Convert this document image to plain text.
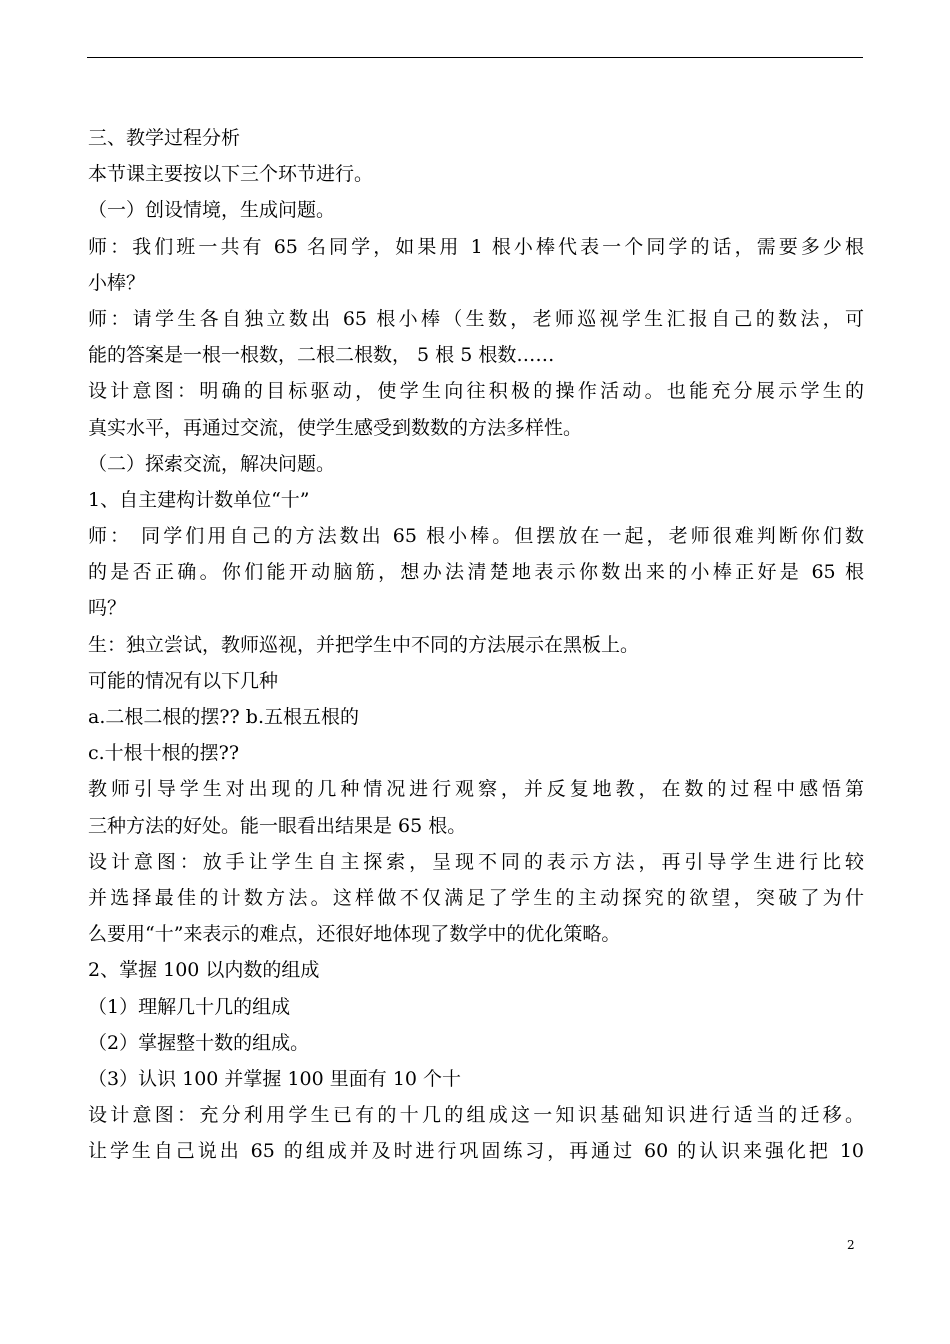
三、教学过程分析
本节课主要按以下三个环节进行。
（一）创设情境，生成问题。
师：我们班一共有 65 名同学，如果用 1 根小棒代表一个同学的话，需要多少根
小棒？
师：请学生各自独立数出 65 根小棒（生数，老师巡视学生汇报自己的数法，可
能的答案是一根一根数，二根二根数， 5 根 5 根数……
设计意图：明确的目标驱动，使学生向往积极的操作活动。也能充分展示学生的
真实水平，再通过交流，使学生感受到数数的方法多样性。
（二）探索交流，解决问题。
1、自主建构计数单位“十”
师： 同学们用自己的方法数出 65 根小棒。但摆放在一起，老师很难判断你们数
的是否正确。你们能开动脑筋，想办法清楚地表示你数出来的小棒正好是 65 根
吗？
生：独立尝试，教师巡视，并把学生中不同的方法展示在黑板上。
可能的情况有以下几种
a.二根二根的摆?? b.五根五根的
c.十根十根的摆??
教师引导学生对出现的几种情况进行观察，并反复地教，在数的过程中感悟第
三种方法的好处。能一眼看出结果是 65 根。
设计意图：放手让学生自主探索，呈现不同的表示方法，再引导学生进行比较
并选择最佳的计数方法。这样做不仅满足了学生的主动探究的欲望，突破了为什
么要用“十”来表示的难点，还很好地体现了数学中的优化策略。
2、掌握 100 以内数的组成
（1）理解几十几的组成
（2）掌握整十数的组成。
（3）认识 100 并掌握 100 里面有 10 个十
设计意图：充分利用学生已有的十几的组成这一知识基础知识进行适当的迁移。
让学生自己说出 65 的组成并及时进行巩固练习，再通过 60 的认识来强化把 10
2
